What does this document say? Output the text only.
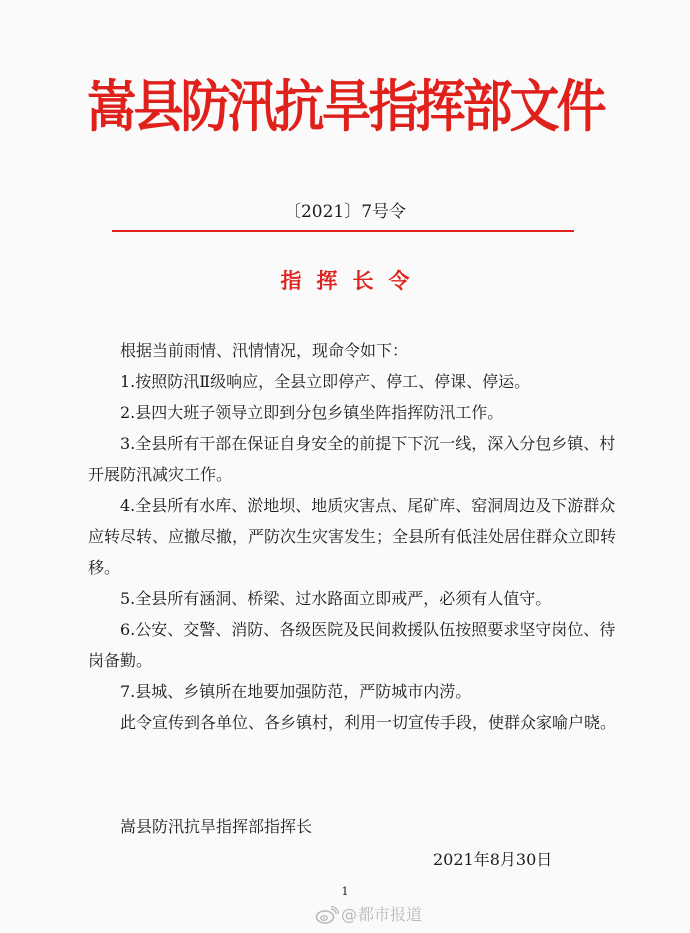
嵩县防汛抗旱指挥部文件
〔2021〕7号令
指挥长令

根据当前雨情、汛情情况，现命令如下：

1.按照防汛Ⅱ级响应，全县立即停产、停工、停课、停运。

2.县四大班子领导立即到分包乡镇坐阵指挥防汛工作。

3.全县所有干部在保证自身安全的前提下下沉一线，深入分包乡镇、村开展防汛减灾工作。

4.全县所有水库、淤地坝、地质灾害点、尾矿库、窑洞周边及下游群众应转尽转、应撤尽撤，严防次生灾害发生；全县所有低洼处居住群众立即转移。

5.全县所有涵洞、桥梁、过水路面立即戒严，必须有人值守。

6.公安、交警、消防、各级医院及民间救援队伍按照要求坚守岗位、待岗备勤。

7.县城、乡镇所在地要加强防范，严防城市内涝。

此令宣传到各单位、各乡镇村，利用一切宣传手段，使群众家喻户晓。

嵩县防汛抗旱指挥部指挥长
2021年8月30日
1
@ 都市报道
